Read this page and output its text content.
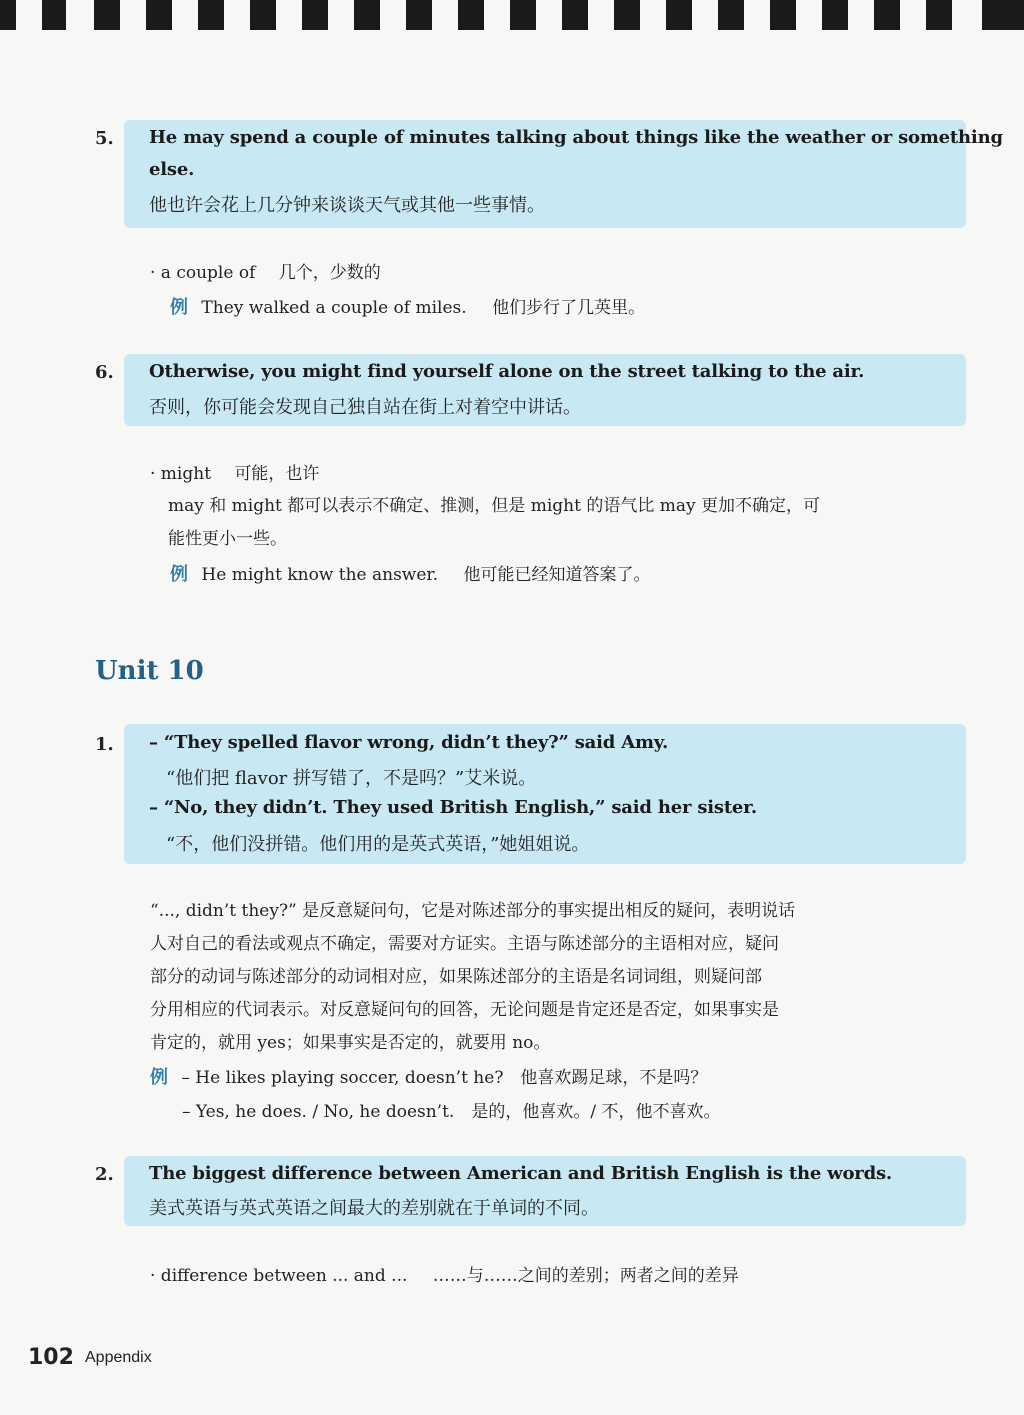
5. He may spend a couple of minutes talking about things like the weather or something

else.

他也许会花上几分钟来谈谈天气或其他一些事情。

· a couple of 几个，少数的
例 They walked a couple of miles. 他们步行了几英里。
6. Otherwise, you might find yourself alone on the street talking to the air.

否则，你可能会发现自己独自站在街上对着空中讲话。

· might 可能，也许
may 和 might 都可以表示不确定、推测，但是 might 的语气比 may 更加不确定，可
能性更小一些。
例 He might know the answer. 他可能已经知道答案了。
Unit 10
1. – “They spelled flavor wrong, didn’t they?” said Amy.

“他们把 flavor 拼写错了，不是吗？”艾米说。

– “No, they didn’t. They used British English,” said her sister.

“不，他们没拼错。他们用的是英式英语，”她姐姐说。

“..., didn’t they?” 是反意疑问句，它是对陈述部分的事实提出相反的疑问，表明说话
人对自己的看法或观点不确定，需要对方证实。主语与陈述部分的主语相对应，疑问
部分的动词与陈述部分的动词相对应，如果陈述部分的主语是名词词组，则疑问部
分用相应的代词表示。对反意疑问句的回答，无论问题是肯定还是否定，如果事实是
肯定的，就用 yes；如果事实是否定的，就要用 no。
例 – He likes playing soccer, doesn’t he?　他喜欢踢足球，不是吗？
– Yes, he does. / No, he doesn’t.　是的，他喜欢。/ 不，他不喜欢。
2. The biggest difference between American and British English is the words.

美式英语与英式英语之间最大的差别就在于单词的不同。

· difference between ... and ... ……与……之间的差别；两者之间的差异
102 Appendix
